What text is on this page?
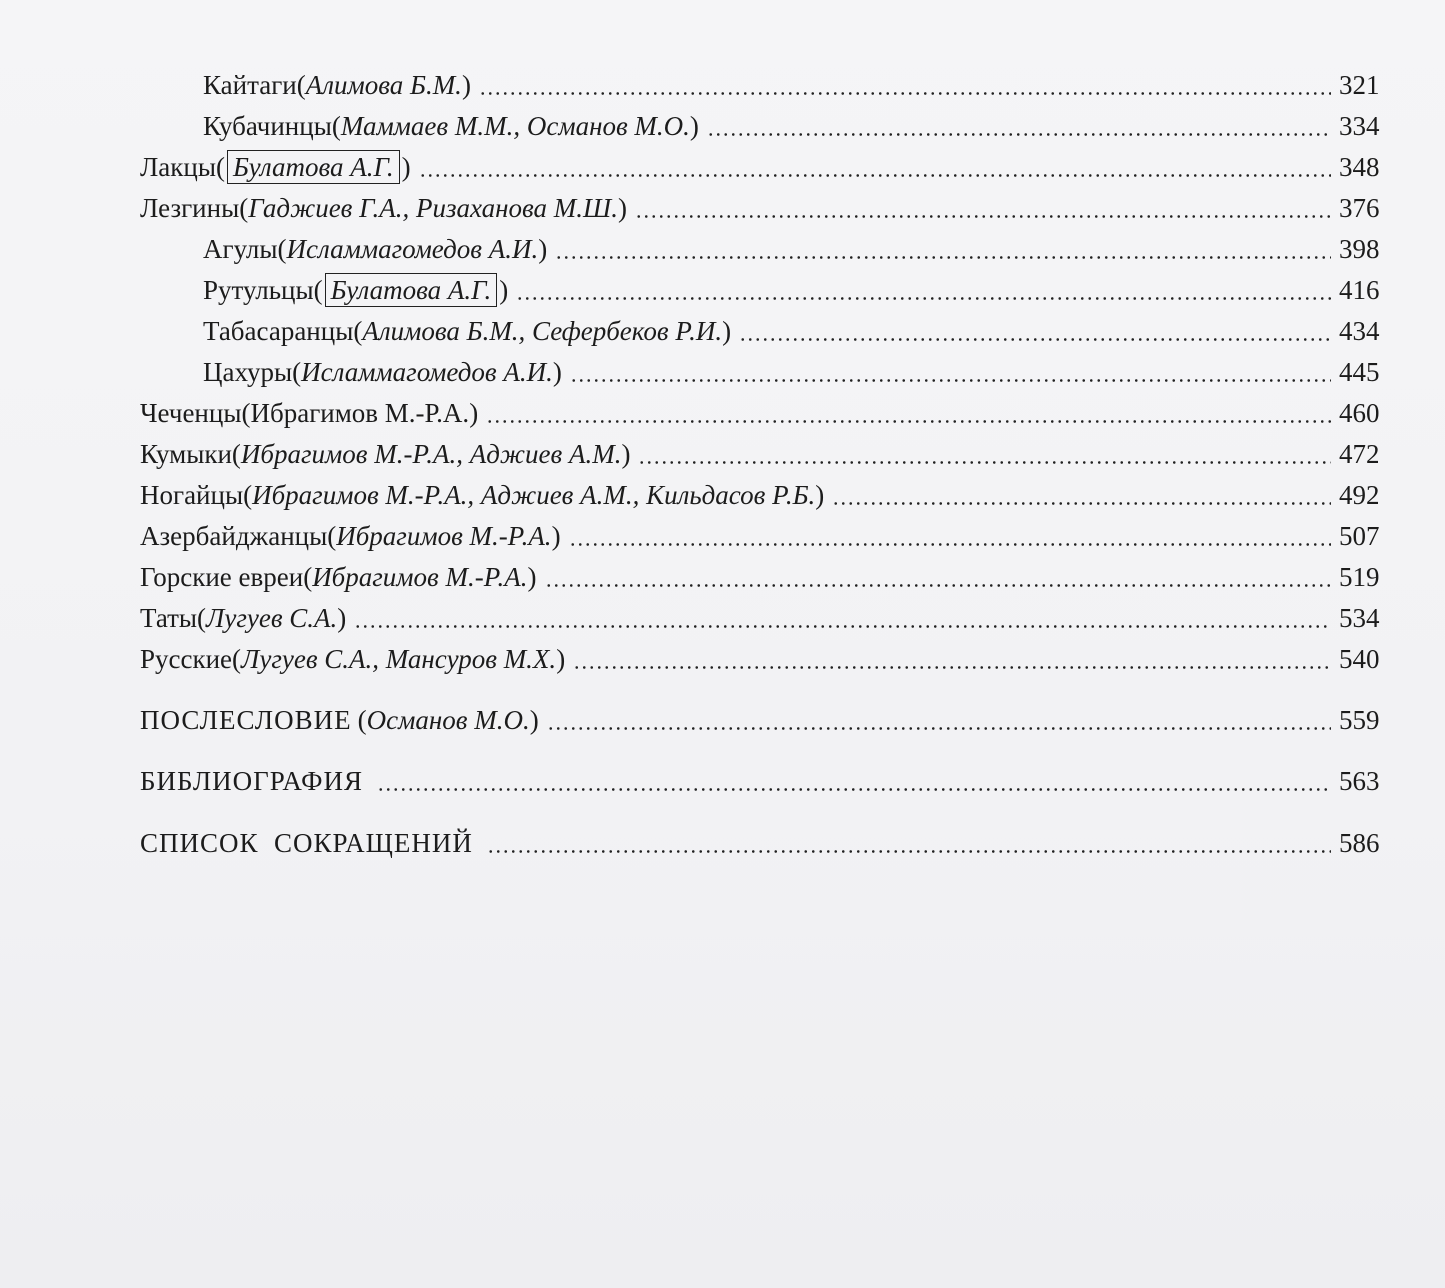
Кайтаги ( Алимова Б.М. )	321
Кубачинцы ( Маммаев М.М., Османов М.О. )	334
Лакцы ( Булатова А.Г. )	348
Лезгины ( Гаджиев Г.А., Ризаханова М.Ш. )	376
Агулы ( Исламмагомедов А.И. )	398
Рутульцы ( Булатова А.Г. )	416
Табасаранцы ( Алимова Б.М., Сефербеков Р.И. )	434
Цахуры ( Исламмагомедов А.И. )	445
Чеченцы ( Ибрагимов М.-Р.А. )	460
Кумыки ( Ибрагимов М.-Р.А., Аджиев А.М. )	472
Ногайцы ( Ибрагимов М.-Р.А., Аджиев А.М., Кильдасов Р.Б. )	492
Азербайджанцы ( Ибрагимов М.-Р.А. )	507
Горские евреи ( Ибрагимов М.-Р.А. )	519
Таты ( Лугуев С.А. )	534
Русские ( Лугуев С.А., Мансуров М.Х. )	540
ПОСЛЕСЛОВИЕ ( Османов М.О. )	559
БИБЛИОГРАФИЯ	563
СПИСОК  СОКРАЩЕНИЙ	586
